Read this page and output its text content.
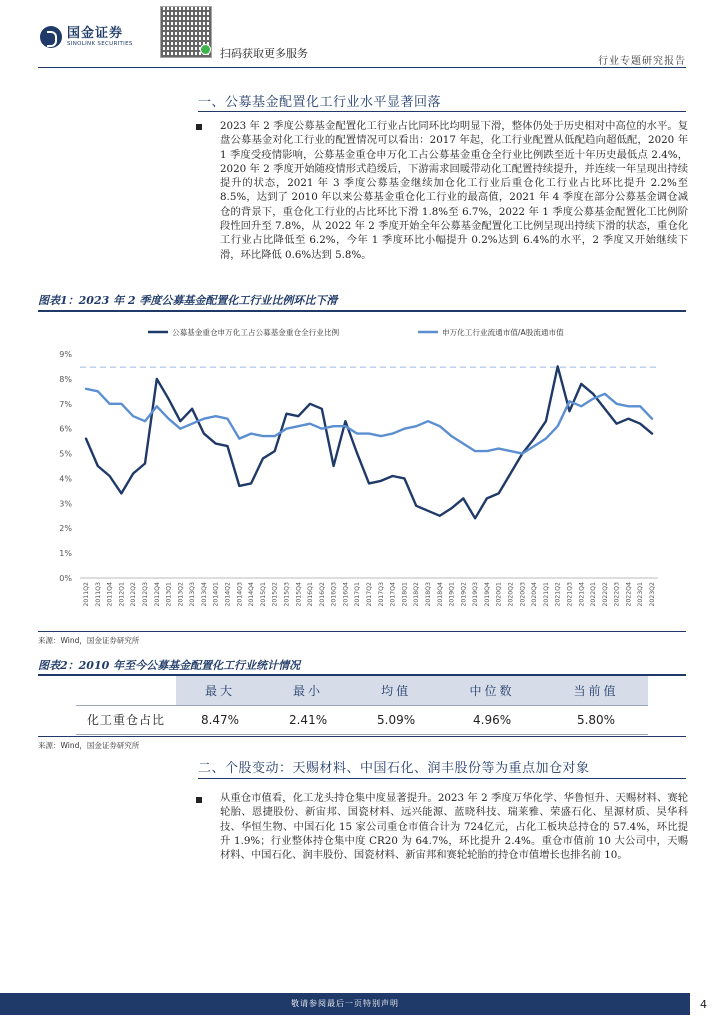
国金证券
SINOLINK SECURITIES
扫码获取更多服务
行业专题研究报告
一、公募基金配置化工行业水平显著回落
2023 年 2 季度公募基金配置化工行业占比同环比均明显下滑，整体仍处于历史相对中高位的水平。复盘公募基金对化工行业的配置情况可以看出：2017 年起，化工行业配置从低配趋向超低配，2020 年 1 季度受疫情影响，公募基金重仓申万化工占公募基金重仓全行业比例跌至近十年历史最低点 2.4%，2020 年 2 季度开始随疫情形式趋缓后，下游需求回暖带动化工配置持续提升，并连续一年呈现出持续提升的状态，2021 年 3 季度公募基金继续加仓化工行业后重仓化工行业占比环比提升 2.2%至 8.5%，达到了 2010 年以来公募基金重仓化工行业的最高值，2021 年 4 季度在部分公募基金调仓减仓的背景下，重仓化工行业的占比环比下滑 1.8%至 6.7%，2022 年 1 季度公募基金配置化工比例阶段性回升至 7.8%，从 2022 年 2 季度开始全年公募基金配置化工比例呈现出持续下滑的状态，重仓化工行业占比降低至 6.2%，今年 1 季度环比小幅提升 0.2%达到 6.4%的水平，2 季度又开始继续下滑，环比降低 0.6%达到 5.8%。
图表1：2023 年 2 季度公募基金配置化工行业比例环比下滑
公募基金重仓申万化工占公募基金重仓全行业比例	申万化工行业流通市值/A股流通市值
0%
1%
2%
3%
4%
5%
6%
7%
8%
9%
2011Q2 2011Q3 2011Q4 2012Q1 2012Q2 2012Q3 2012Q4 2013Q1 2013Q2 2013Q3 2013Q4 2014Q1 2014Q2 2014Q3 2014Q4 2015Q1 2015Q2 2015Q3 2015Q4 2016Q1 2016Q2 2016Q3 2016Q4 2017Q1 2017Q2 2017Q3 2017Q4 2018Q1 2018Q2 2018Q3 2018Q4 2019Q1 2019Q2 2019Q3 2019Q4 2020Q1 2020Q2 2020Q3 2020Q4 2021Q1 2021Q2 2021Q3 2021Q4 2022Q1 2022Q2 2022Q3 2022Q4 2023Q1 2023Q2
来源：Wind，国金证券研究所
图表2：2010 年至今公募基金配置化工行业统计情况
	最大	最小	均值	中位数	当前值
化工重仓占比	8.47%	2.41%	5.09%	4.96%	5.80%
来源：Wind，国金证券研究所
二、个股变动：天赐材料、中国石化、润丰股份等为重点加仓对象
从重仓市值看，化工龙头持仓集中度显著提升。2023 年 2 季度万华化学、华鲁恒升、天赐材料、赛轮轮胎、恩捷股份、新宙邦、国瓷材料、远兴能源、蓝晓科技、瑞莱雅、荣盛石化、星源材质、昊华科技、华恒生物、中国石化 15 家公司重仓市值合计为 724亿元，占化工板块总持仓的 57.4%，环比提升 1.9%；行业整体持仓集中度 CR20 为 64.7%，环比提升 2.4%。重仓市值前 10 大公司中，天赐材料、中国石化、润丰股份、国瓷材料、新宙邦和赛轮轮胎的持仓市值增长也排名前 10。
敬请参阅最后一页特别声明	4
